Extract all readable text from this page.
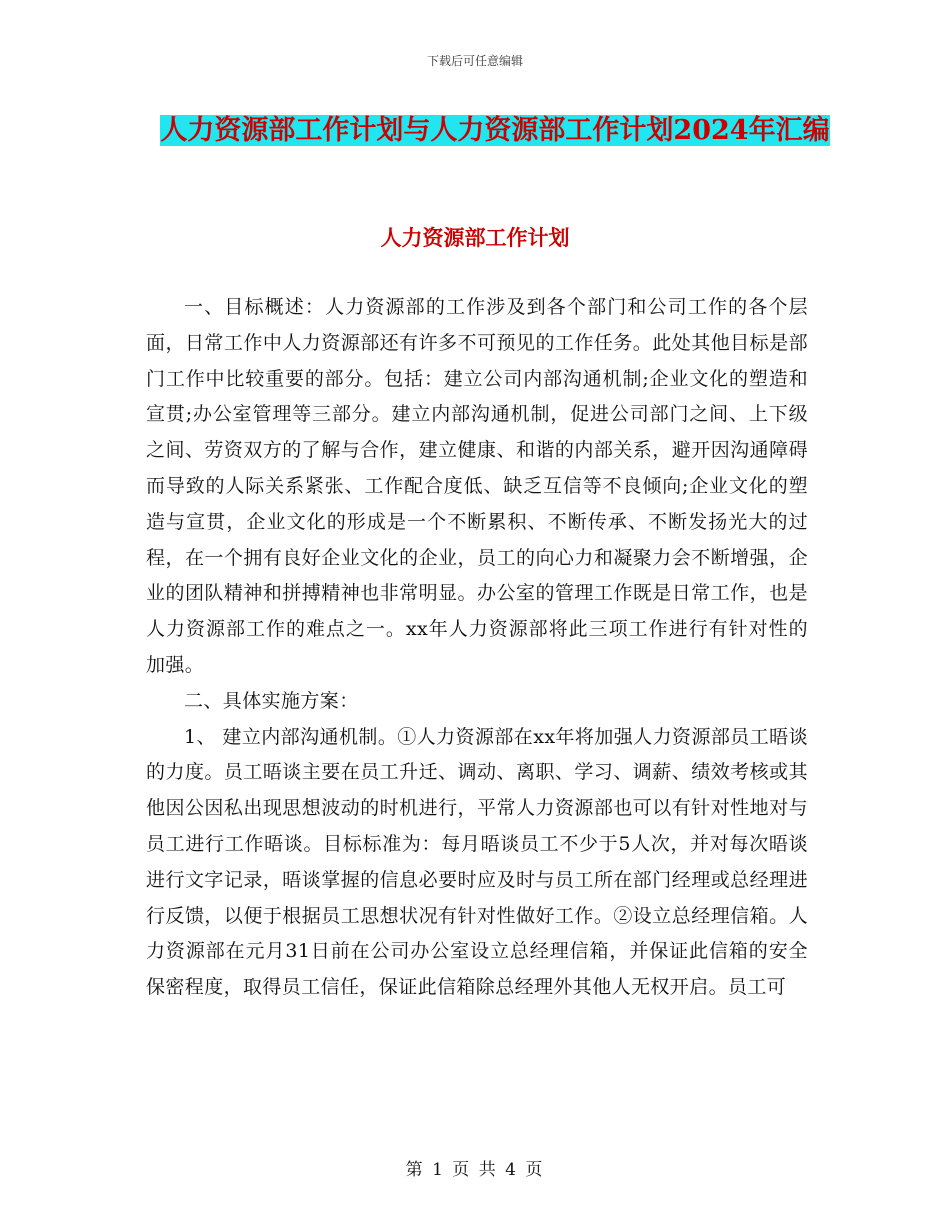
下载后可任意编辑
人力资源部工作计划与人力资源部工作计划2024年汇编
人力资源部工作计划

一、目标概述：人力资源部的工作涉及到各个部门和公司工作的各个层面，日常工作中人力资源部还有许多不可预见的工作任务。此处其他目标是部门工作中比较重要的部分。包括：建立公司内部沟通机制;企业文化的塑造和宣贯;办公室管理等三部分。建立内部沟通机制，促进公司部门之间、上下级之间、劳资双方的了解与合作，建立健康、和谐的内部关系，避开因沟通障碍而导致的人际关系紧张、工作配合度低、缺乏互信等不良倾向;企业文化的塑造与宣贯，企业文化的形成是一个不断累积、不断传承、不断发扬光大的过程，在一个拥有良好企业文化的企业，员工的向心力和凝聚力会不断增强，企业的团队精神和拼搏精神也非常明显。办公室的管理工作既是日常工作，也是人力资源部工作的难点之一。xx年人力资源部将此三项工作进行有针对性的加强。

二、具体实施方案：

1、 建立内部沟通机制。①人力资源部在xx年将加强人力资源部员工晤谈的力度。员工晤谈主要在员工升迁、调动、离职、学习、调薪、绩效考核或其他因公因私出现思想波动的时机进行，平常人力资源部也可以有针对性地对与员工进行工作晤谈。目标标准为：每月晤谈员工不少于5人次，并对每次晤谈进行文字记录，晤谈掌握的信息必要时应及时与员工所在部门经理或总经理进行反馈，以便于根据员工思想状况有针对性做好工作。②设立总经理信箱。人力资源部在元月31日前在公司办公室设立总经理信箱，并保证此信箱的安全保密程度，取得员工信任，保证此信箱除总经理外其他人无权开启。员工可

第 1 页 共 4 页
